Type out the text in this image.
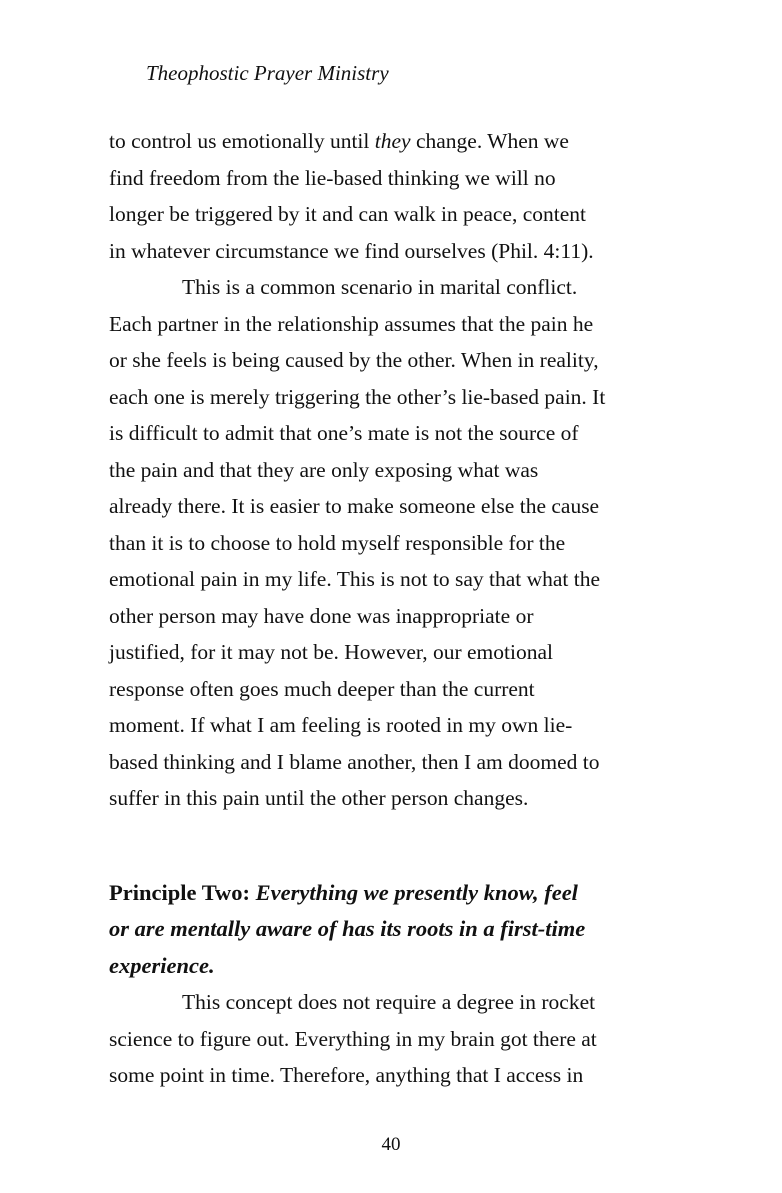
Theophostic Prayer Ministry
to control us emotionally until they change. When we
find freedom from the lie-based thinking we will no
longer be triggered by it and can walk in peace, content
in whatever circumstance we find ourselves (Phil. 4:11).
This is a common scenario in marital conflict.
Each partner in the relationship assumes that the pain he
or she feels is being caused by the other. When in reality,
each one is merely triggering the other’s lie-based pain. It
is difficult to admit that one’s mate is not the source of
the pain and that they are only exposing what was
already there. It is easier to make someone else the cause
than it is to choose to hold myself responsible for the
emotional pain in my life. This is not to say that what the
other person may have done was inappropriate or
justified, for it may not be. However, our emotional
response often goes much deeper than the current
moment. If what I am feeling is rooted in my own lie-
based thinking and I blame another, then I am doomed to
suffer in this pain until the other person changes.
Principle Two: Everything we presently know, feel
or are mentally aware of has its roots in a first-time
experience.
This concept does not require a degree in rocket
science to figure out. Everything in my brain got there at
some point in time. Therefore, anything that I access in
40
